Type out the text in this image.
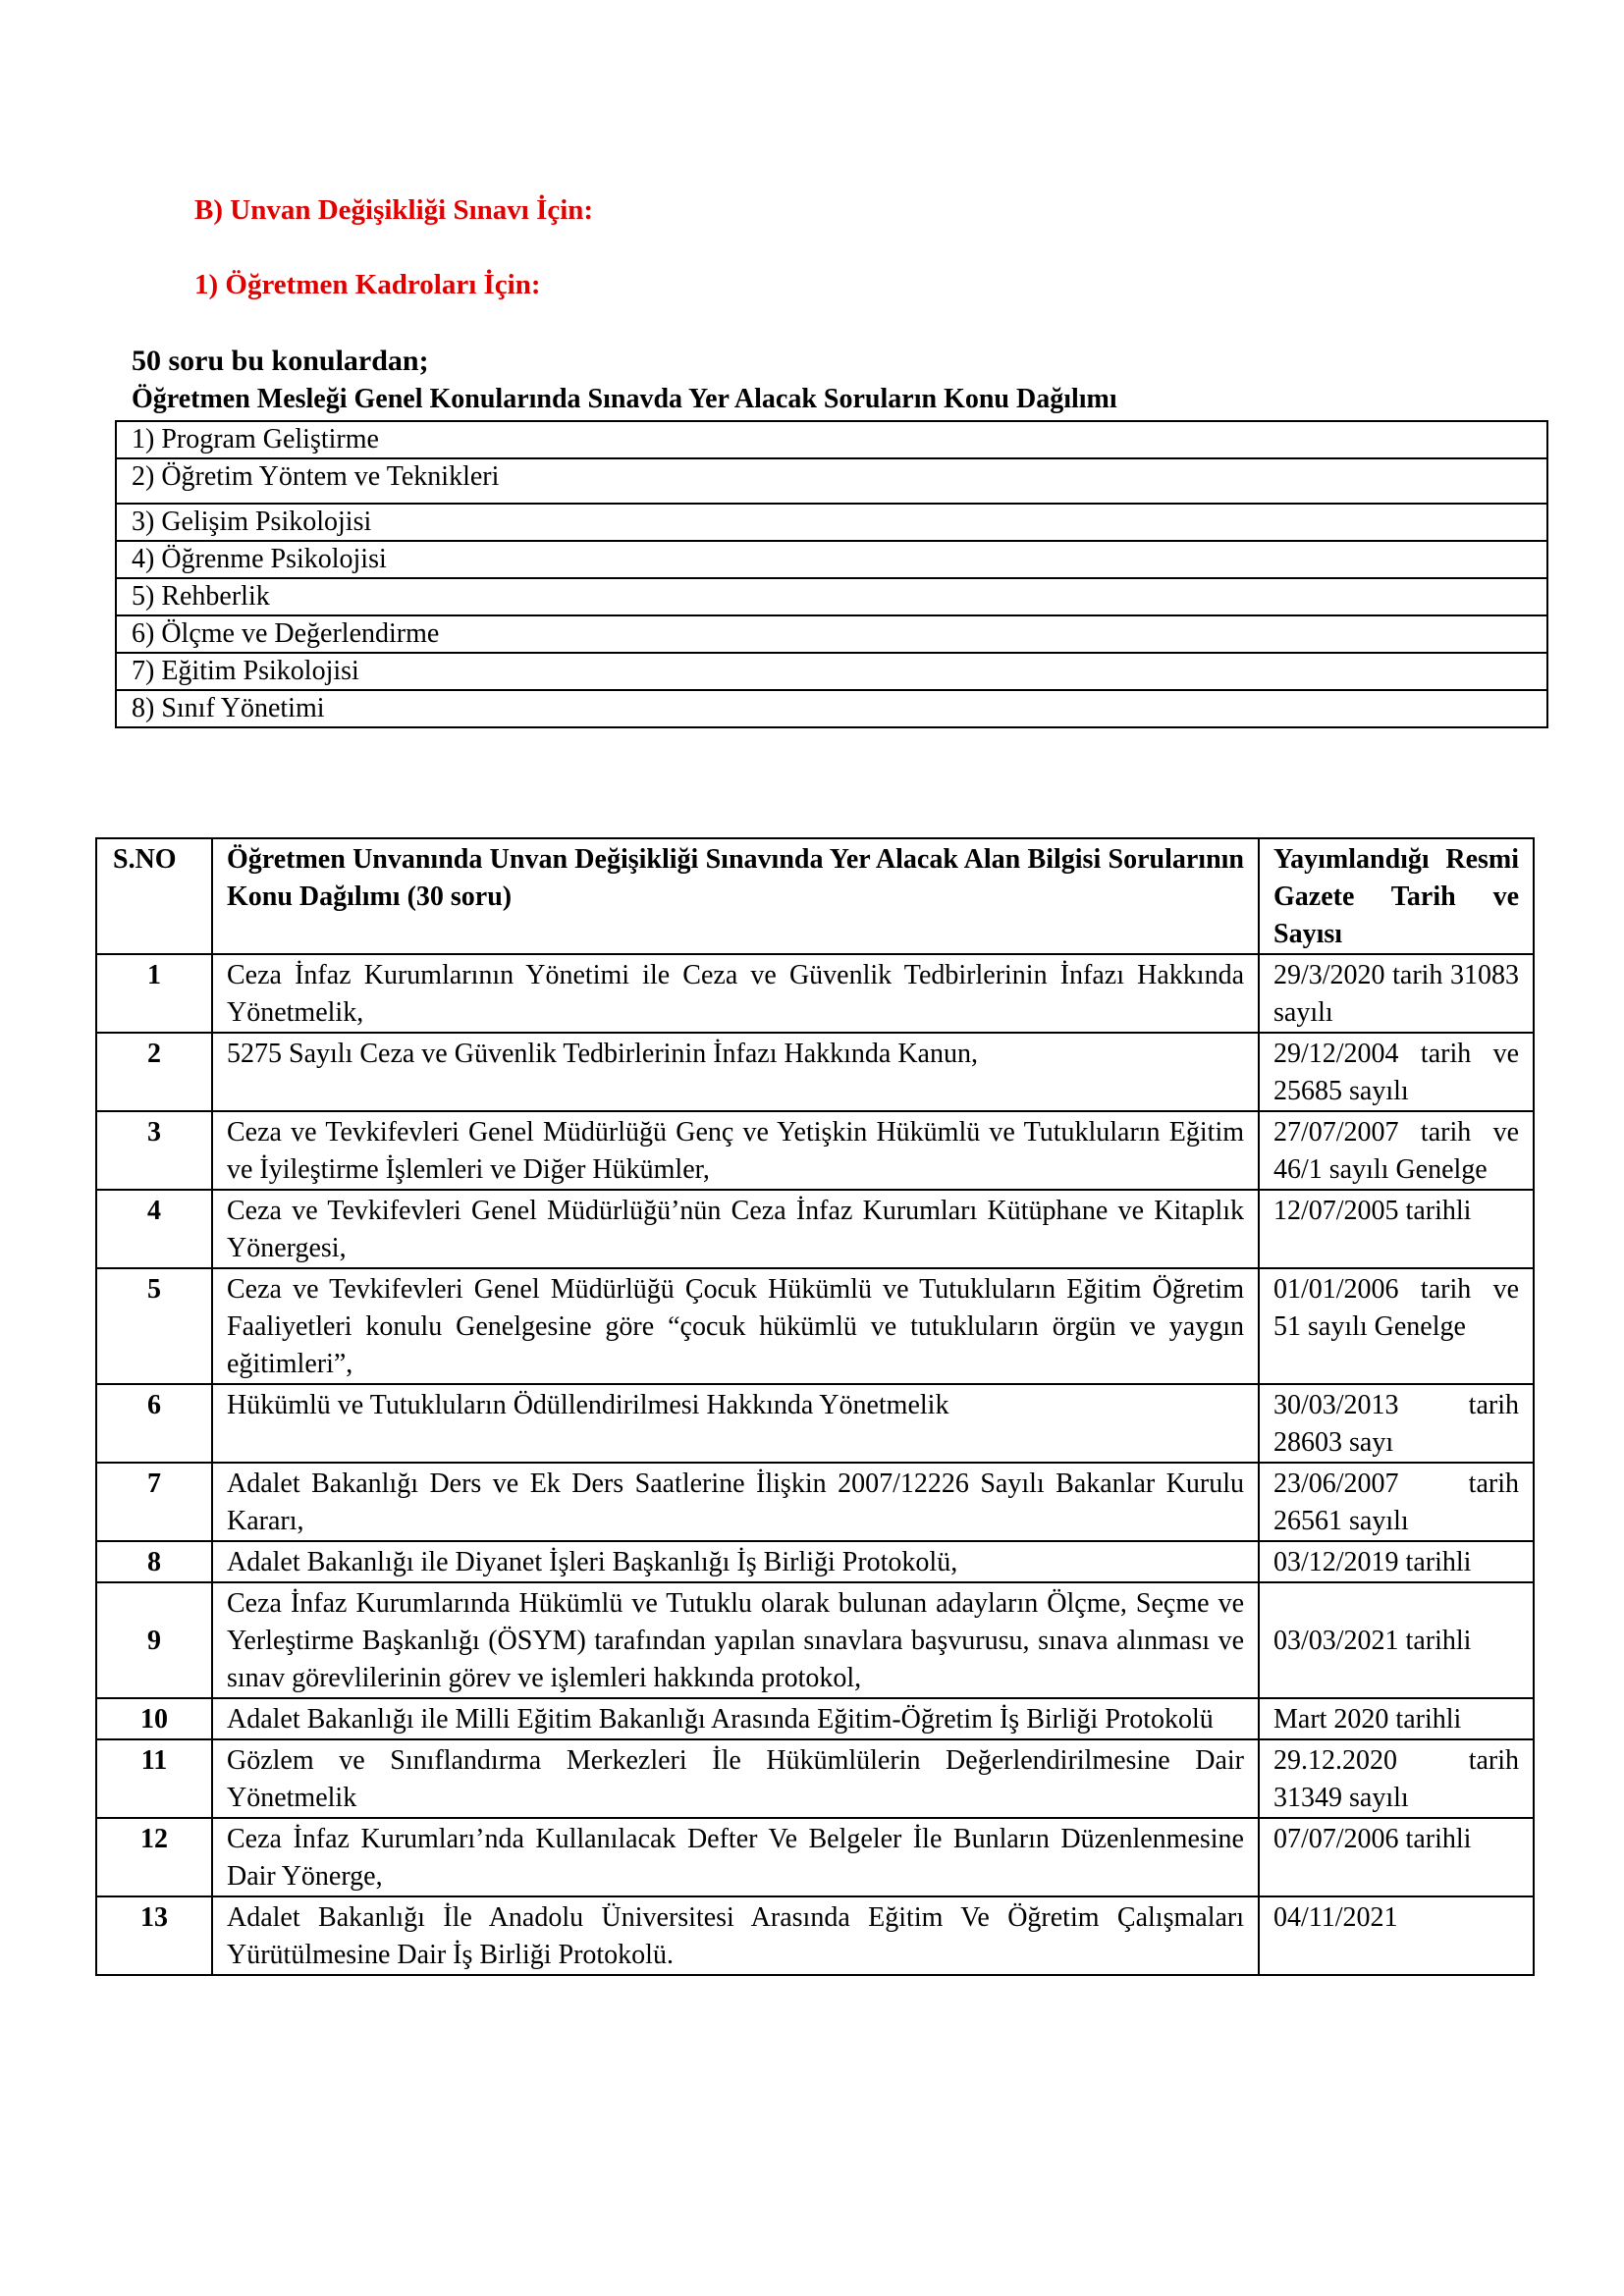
B) Unvan Değişikliği Sınavı İçin:
1) Öğretmen Kadroları İçin:
50 soru bu konulardan;
Öğretmen Mesleği Genel Konularında Sınavda Yer Alacak Soruların Konu Dağılımı
1) Program Geliştirme
2) Öğretim Yöntem ve Teknikleri
3) Gelişim Psikolojisi
4) Öğrenme Psikolojisi
5) Rehberlik
6) Ölçme ve Değerlendirme
7) Eğitim Psikolojisi
8) Sınıf Yönetimi
S.NO	Öğretmen Unvanında Unvan Değişikliği Sınavında Yer Alacak Alan Bilgisi Sorularının Konu Dağılımı (30 soru)	Yayımlandığı Resmi Gazete Tarih ve Sayısı
1	Ceza İnfaz Kurumlarının Yönetimi ile Ceza ve Güvenlik Tedbirlerinin İnfazı Hakkında Yönetmelik,	29/3/2020 tarih 31083 sayılı
2	5275 Sayılı Ceza ve Güvenlik Tedbirlerinin İnfazı Hakkında Kanun,	29/12/2004 tarih ve 25685 sayılı
3	Ceza ve Tevkifevleri Genel Müdürlüğü Genç ve Yetişkin Hükümlü ve Tutukluların Eğitim ve İyileştirme İşlemleri ve Diğer Hükümler,	27/07/2007 tarih ve 46/1 sayılı Genelge
4	Ceza ve Tevkifevleri Genel Müdürlüğü’nün Ceza İnfaz Kurumları Kütüphane ve Kitaplık Yönergesi,	12/07/2005 tarihli
5	Ceza ve Tevkifevleri Genel Müdürlüğü Çocuk Hükümlü ve Tutukluların Eğitim Öğretim Faaliyetleri konulu Genelgesine göre “çocuk hükümlü ve tutukluların örgün ve yaygın eğitimleri”,	01/01/2006 tarih ve 51 sayılı Genelge
6	Hükümlü ve Tutukluların Ödüllendirilmesi Hakkında Yönetmelik	30/03/2013 tarih 28603 sayı
7	Adalet Bakanlığı Ders ve Ek Ders Saatlerine İlişkin 2007/12226 Sayılı Bakanlar Kurulu Kararı,	23/06/2007 tarih 26561 sayılı
8	Adalet Bakanlığı ile Diyanet İşleri Başkanlığı İş Birliği Protokolü,	03/12/2019 tarihli
9	Ceza İnfaz Kurumlarında Hükümlü ve Tutuklu olarak bulunan adayların Ölçme, Seçme ve Yerleştirme Başkanlığı (ÖSYM) tarafından yapılan sınavlara başvurusu, sınava alınması ve sınav görevlilerinin görev ve işlemleri hakkında protokol,	03/03/2021 tarihli
10	Adalet Bakanlığı ile Milli Eğitim Bakanlığı Arasında Eğitim-Öğretim İş Birliği Protokolü	Mart 2020 tarihli
11	Gözlem ve Sınıflandırma Merkezleri İle Hükümlülerin Değerlendirilmesine Dair Yönetmelik	29.12.2020 tarih 31349 sayılı
12	Ceza İnfaz Kurumları’nda Kullanılacak Defter Ve Belgeler İle Bunların Düzenlenmesine Dair Yönerge,	07/07/2006 tarihli
13	Adalet Bakanlığı İle Anadolu Üniversitesi Arasında Eğitim Ve Öğretim Çalışmaları Yürütülmesine Dair İş Birliği Protokolü.	04/11/2021
